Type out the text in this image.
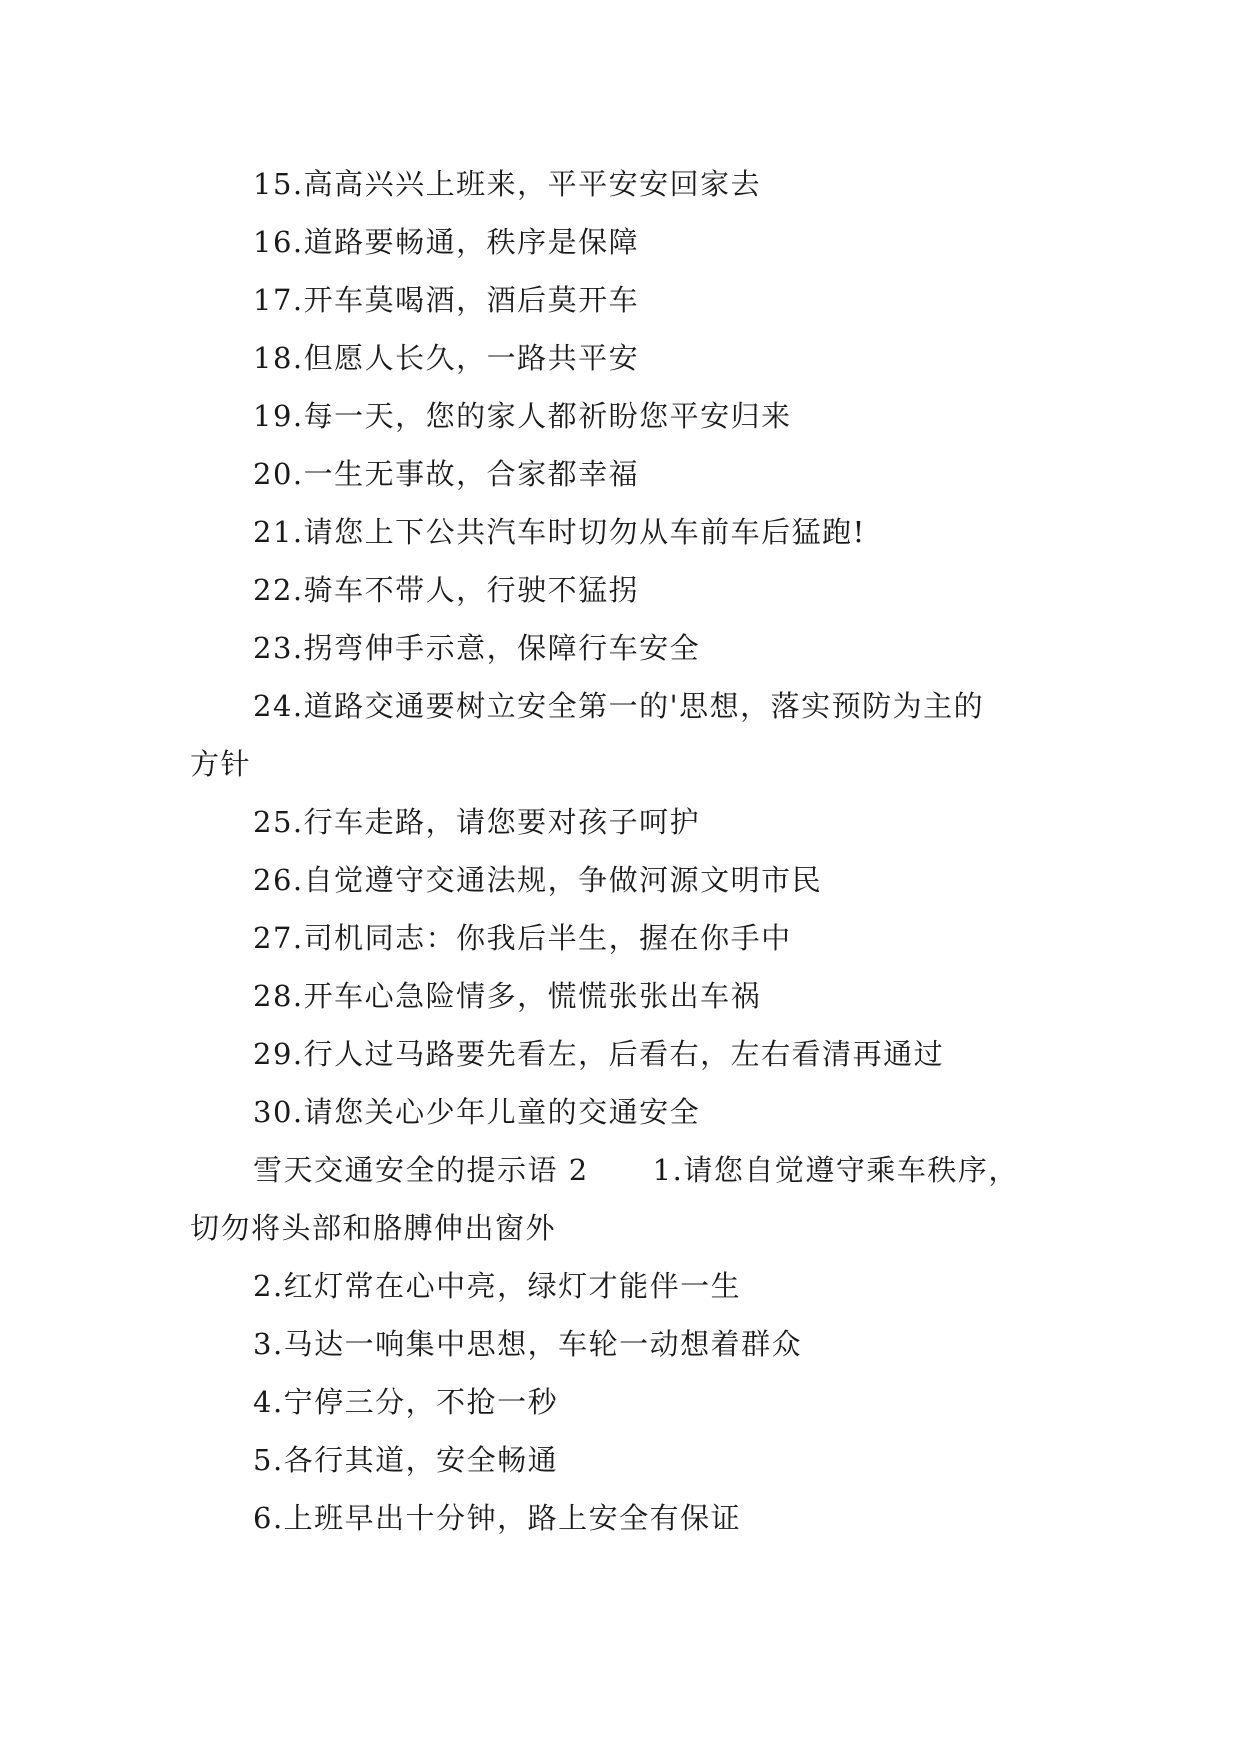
15.高高兴兴上班来，平平安安回家去
16.道路要畅通，秩序是保障
17.开车莫喝酒，酒后莫开车
18.但愿人长久，一路共平安
19.每一天，您的家人都祈盼您平安归来
20.一生无事故，合家都幸福
21.请您上下公共汽车时切勿从车前车后猛跑!
22.骑车不带人，行驶不猛拐
23.拐弯伸手示意，保障行车安全
24.道路交通要树立安全第一的'思想，落实预防为主的
方针
25.行车走路，请您要对孩子呵护
26.自觉遵守交通法规，争做河源文明市民
27.司机同志：你我后半生，握在你手中
28.开车心急险情多，慌慌张张出车祸
29.行人过马路要先看左，后看右，左右看清再通过
30.请您关心少年儿童的交通安全
雪天交通安全的提示语 2 1.请您自觉遵守乘车秩序，
切勿将头部和胳膊伸出窗外
2.红灯常在心中亮，绿灯才能伴一生
3.马达一响集中思想，车轮一动想着群众
4.宁停三分，不抢一秒
5.各行其道，安全畅通
6.上班早出十分钟，路上安全有保证
